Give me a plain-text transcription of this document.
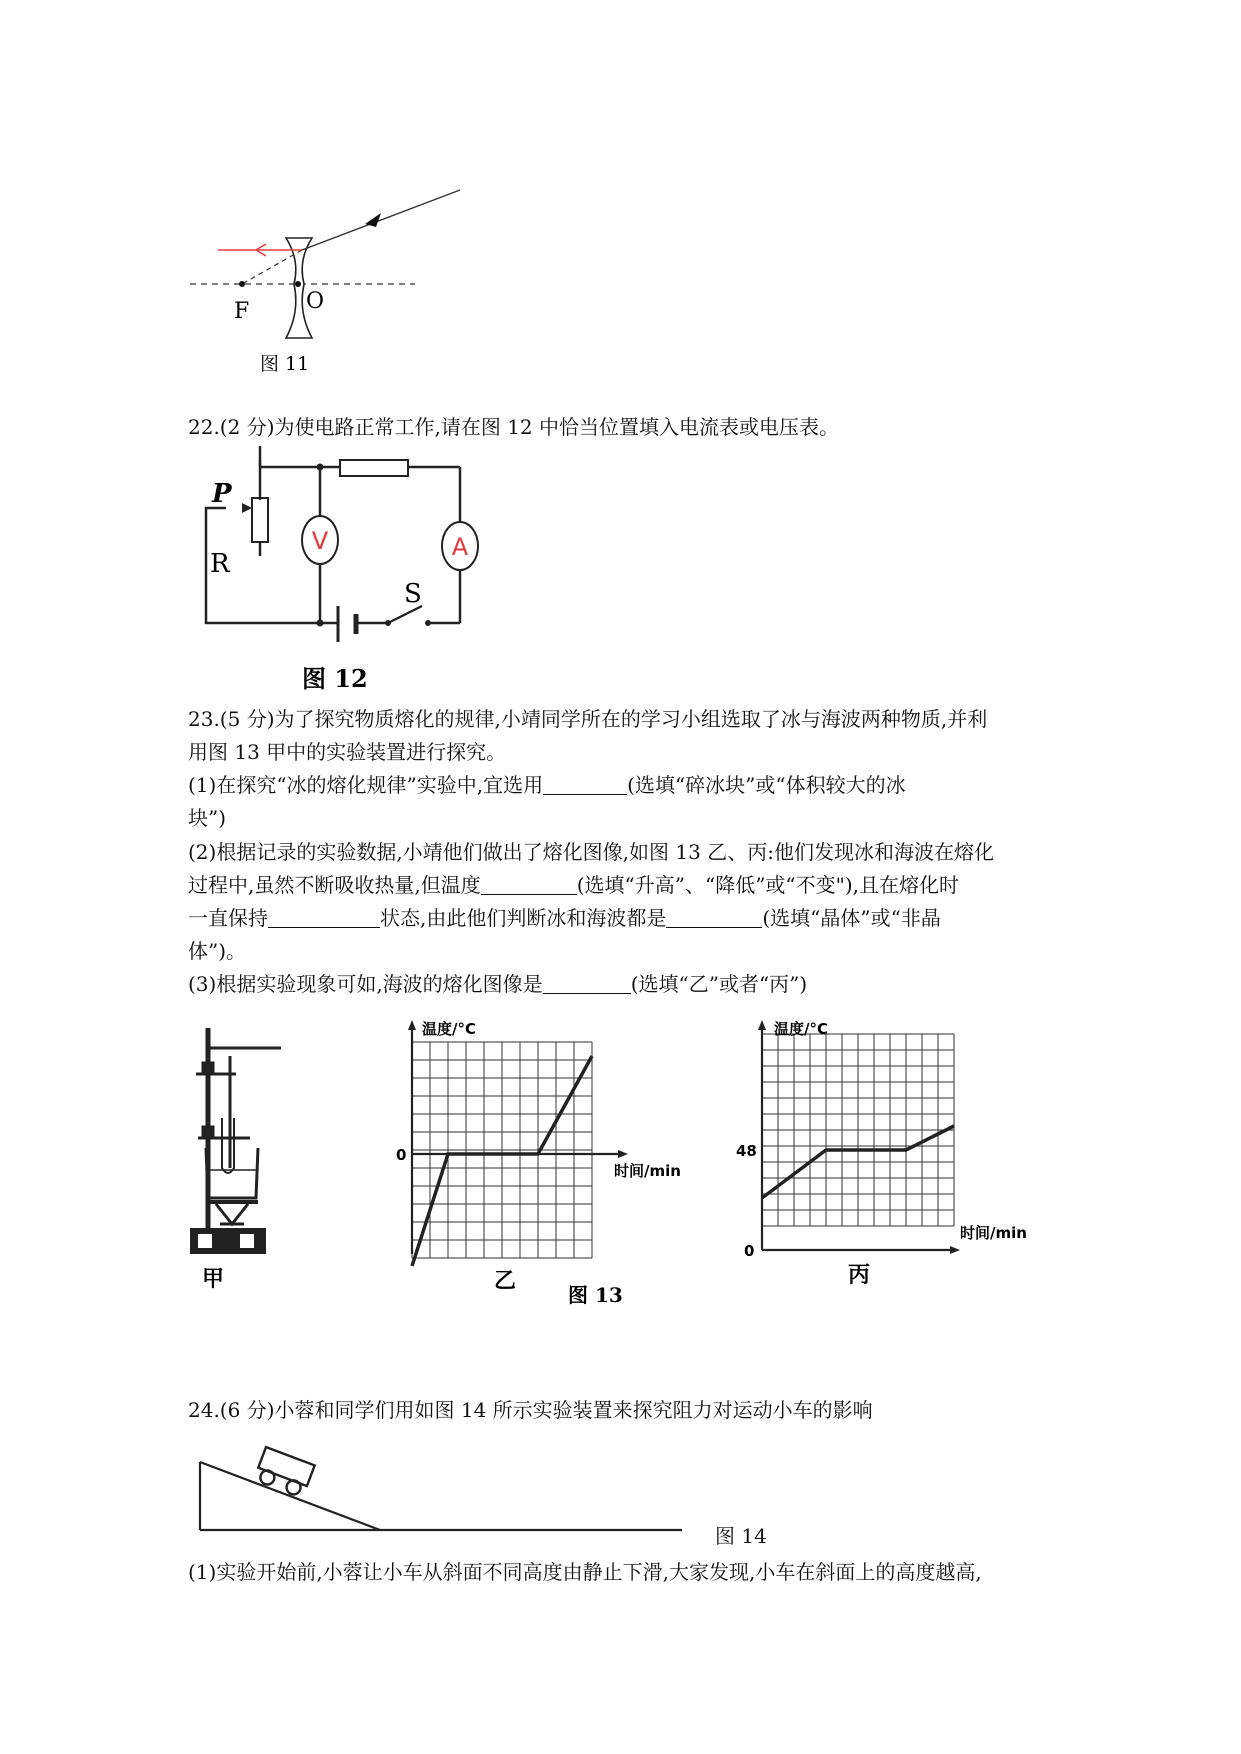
F	O
图 11
22.(2 分)为使电路正常工作,请在图 12 中恰当位置填入电流表或电压表。
V	A
P
R
S
图 12
23.(5 分)为了探究物质熔化的规律,小靖同学所在的学习小组选取了冰与海波两种物质,并利
用图 13 甲中的实验装置进行探究。
(1)在探究“冰的熔化规律”实验中,宜选用	(选填“碎冰块”或“体积较大的冰
块”)
(2)根据记录的实验数据,小靖他们做出了熔化图像,如图 13 乙、丙:他们发现冰和海波在熔化
过程中,虽然不断吸收热量,但温度	(选填“升高”、“降低”或“不变"),且在熔化时
一直保持	状态,由此他们判断冰和海波都是	(选填“晶体”或“非晶
体”)。
(3)根据实验现象可如,海波的熔化图像是	(选填“乙”或者“丙”)
甲
温度/°C
时间/min
0
乙
图 13
温度/°C
时间/min
48
0
丙
24.(6 分)小蓉和同学们用如图 14 所示实验装置来探究阻力对运动小车的影响
图 14
(1)实验开始前,小蓉让小车从斜面不同高度由静止下滑,大家发现,小车在斜面上的高度越高,
